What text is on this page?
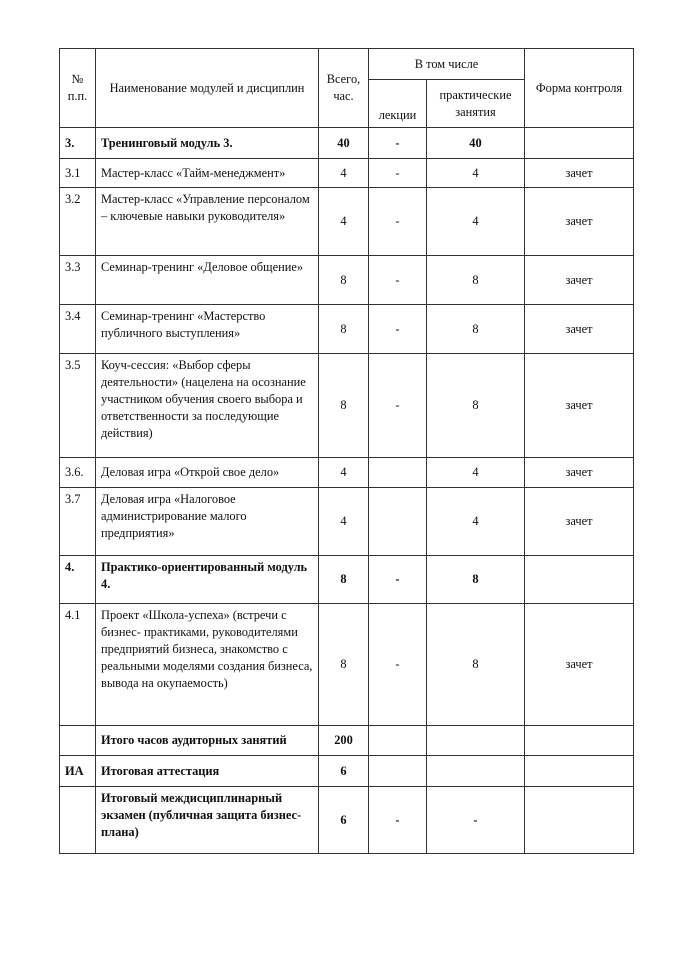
№ п.п.	Наименование модулей и дисциплин	Всего, час.	В том числе		Форма контроля
			лекции	практические занятия	
3.	Тренинговый модуль 3.	40	-	40	
3.1	Мастер-класс «Тайм-менеджмент»	4	-	4	зачет
3.2	Мастер-класс «Управление персоналом – ключевые навыки руководителя»	4	-	4	зачет
3.3	Семинар-тренинг «Деловое общение»	8	-	8	зачет
3.4	Семинар-тренинг «Мастерство публичного выступления»	8	-	8	зачет
3.5	Коуч-сессия: «Выбор сферы деятельности» (нацелена на осознание участником обучения своего выбора и ответственности за последующие действия)	8	-	8	зачет
3.6.	Деловая игра «Открой свое дело»	4		4	зачет
3.7	Деловая игра «Налоговое администрирование малого предприятия»	4		4	зачет
4.	Практико-ориентированный модуль 4.	8	-	8	
4.1	Проект «Школа-успеха» (встречи с бизнес- практиками, руководителями предприятий бизнеса, знакомство с реальными моделями создания бизнеса, вывода на окупаемость)	8	-	8	зачет
	Итого часов аудиторных занятий	200			
ИА	Итоговая аттестация	6			
	Итоговый междисциплинарный экзамен (публичная защита бизнес-плана)	6	-	-	
